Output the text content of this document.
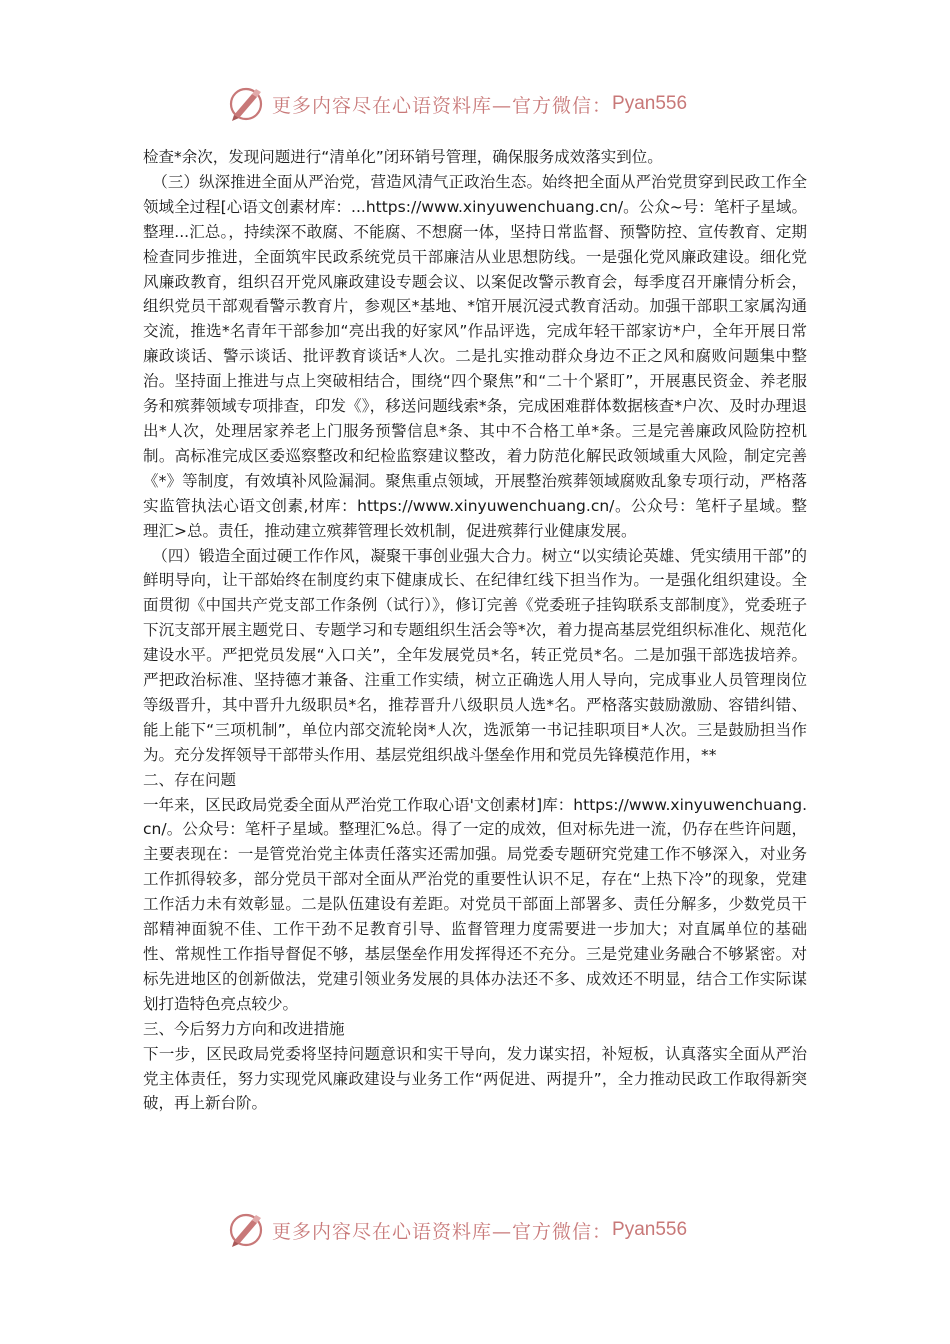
更多内容尽在心语资料库—官方微信： Pyan556

检查*余次，发现问题进行“清单化”闭环销号管理，确保服务成效落实到位。

（三）纵深推进全面从严治党，营造风清气正政治生态。始终把全面从严治党贯穿到民政工作全领域全过程[心语文创素材库：...https://www.xinyuwenchuang.cn/。公众~号：笔杆子星域。整理...汇总。，持续深不敢腐、不能腐、不想腐一体，坚持日常监督、预警防控、宣传教育、定期检查同步推进，全面筑牢民政系统党员干部廉洁从业思想防线。一是强化党风廉政建设。细化党风廉政教育，组织召开党风廉政建设专题会议、以案促改警示教育会，每季度召开廉情分析会，组织党员干部观看警示教育片，参观区*基地、*馆开展沉浸式教育活动。加强干部职工家属沟通交流，推选*名青年干部参加“亮出我的好家风”作品评选，完成年轻干部家访*户，全年开展日常廉政谈话、警示谈话、批评教育谈话*人次。二是扎实推动群众身边不正之风和腐败问题集中整治。坚持面上推进与点上突破相结合，围绕“四个聚焦”和“二十个紧盯”，开展惠民资金、养老服务和殡葬领域专项排查，印发《》，移送问题线索*条，完成困难群体数据核查*户次、及时办理退出*人次，处理居家养老上门服务预警信息*条、其中不合格工单*条。三是完善廉政风险防控机制。高标准完成区委巡察整改和纪检监察建议整改，着力防范化解民政领域重大风险，制定完善《*》等制度，有效填补风险漏洞。聚焦重点领域，开展整治殡葬领域腐败乱象专项行动，严格落实监管执法心语文创素,材库：https://www.xinyuwenchuang.cn/。公众号：笔杆子星域。整理汇>总。责任，推动建立殡葬管理长效机制，促进殡葬行业健康发展。

（四）锻造全面过硬工作作风，凝聚干事创业强大合力。树立“以实绩论英雄、凭实绩用干部”的鲜明导向，让干部始终在制度约束下健康成长、在纪律红线下担当作为。一是强化组织建设。全面贯彻《中国共产党支部工作条例（试行）》，修订完善《党委班子挂钩联系支部制度》，党委班子下沉支部开展主题党日、专题学习和专题组织生活会等*次，着力提高基层党组织标准化、规范化建设水平。严把党员发展“入口关”，全年发展党员*名，转正党员*名。二是加强干部选拔培养。严把政治标准、坚持德才兼备、注重工作实绩，树立正确选人用人导向，完成事业人员管理岗位等级晋升，其中晋升九级职员*名，推荐晋升八级职员人选*名。严格落实鼓励激励、容错纠错、能上能下“三项机制”，单位内部交流轮岗*人次，选派第一书记挂职项目*人次。三是鼓励担当作为。充分发挥领导干部带头作用、基层党组织战斗堡垒作用和党员先锋模范作用，**

二、存在问题

一年来，区民政局党委全面从严治党工作取心语'文创素材]库：https://www.xinyuwenchuang.cn/。公众号：笔杆子星域。整理汇%总。得了一定的成效，但对标先进一流，仍存在些许问题，主要表现在：一是管党治党主体责任落实还需加强。局党委专题研究党建工作不够深入，对业务工作抓得较多，部分党员干部对全面从严治党的重要性认识不足，存在“上热下冷”的现象，党建工作活力未有效彰显。二是队伍建设有差距。对党员干部面上部署多、责任分解多，少数党员干部精神面貌不佳、工作干劲不足教育引导、监督管理力度需要进一步加大；对直属单位的基础性、常规性工作指导督促不够，基层堡垒作用发挥得还不充分。三是党建业务融合不够紧密。对标先进地区的创新做法，党建引领业务发展的具体办法还不多、成效还不明显，结合工作实际谋划打造特色亮点较少。

三、今后努力方向和改进措施

下一步，区民政局党委将坚持问题意识和实干导向，发力谋实招，补短板，认真落实全面从严治党主体责任，努力实现党风廉政建设与业务工作“两促进、两提升”，全力推动民政工作取得新突破，再上新台阶。

更多内容尽在心语资料库—官方微信： Pyan556
